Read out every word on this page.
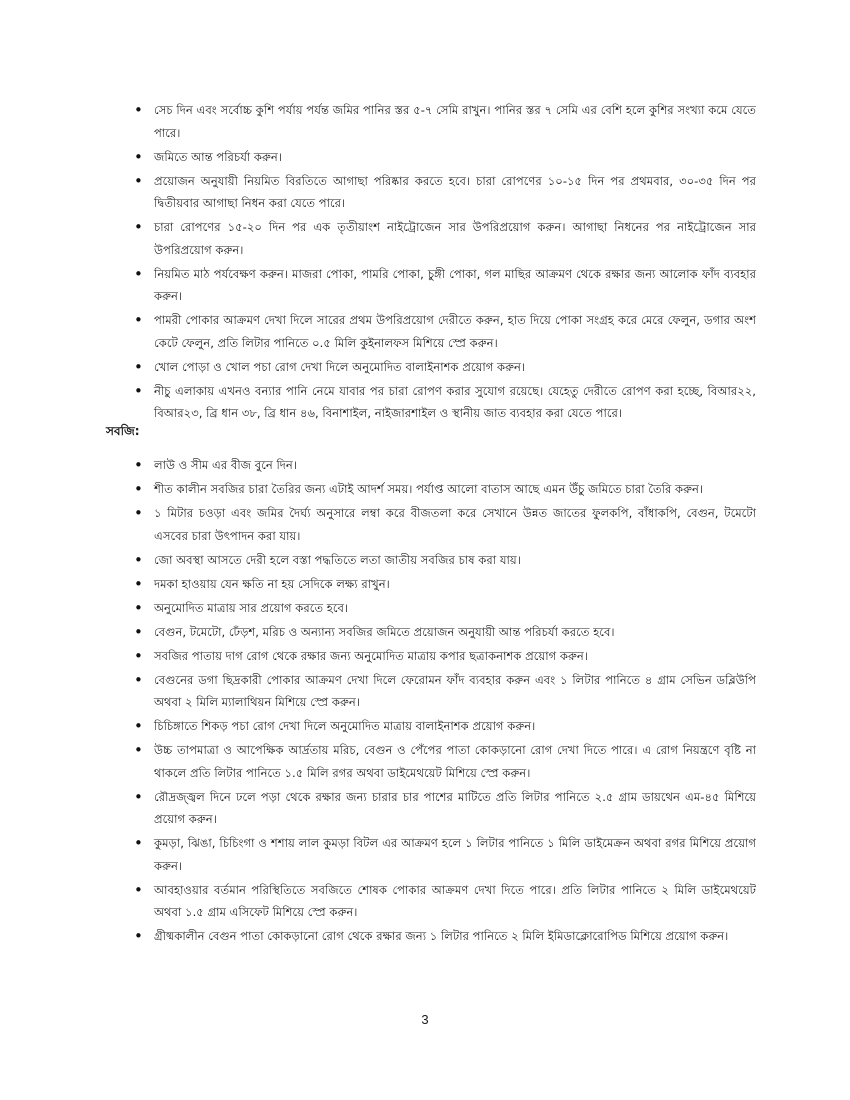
• সেচ দিন এবং সর্বোচ্চ কুশি পর্যায় পর্যন্ত জমির পানির স্তর ৫-৭ সেমি রাখুন। পানির স্তর ৭ সেমি এর বেশি হলে কুশির সংখ্যা কমে যেতে পারে।
• জমিতে আন্ত পরিচর্যা করুন।
• প্রয়োজন অনুযায়ী নিয়মিত বিরতিতে আগাছা পরিষ্কার করতে হবে। চারা রোপণের ১০-১৫ দিন পর প্রথমবার, ৩০-৩৫ দিন পর দ্বিতীয়বার আগাছা নিধন করা যেতে পারে।
• চারা রোপণের ১৫-২০ দিন পর এক তৃতীয়াংশ নাইট্রোজেন সার উপরিপ্রয়োগ করুন। আগাছা নিধনের পর নাইট্রোজেন সার উপরিপ্রয়োগ করুন।
• নিয়মিত মাঠ পর্যবেক্ষণ করুন। মাজরা পোকা, পামরি পোকা, চুঙ্গী পোকা, গল মাছির আক্রমণ থেকে রক্ষার জন্য আলোক ফাঁদ ব্যবহার করুন।
• পামরী পোকার আক্রমণ দেখা দিলে সারের প্রথম উপরিপ্রয়োগ দেরীতে করুন, হাত দিয়ে পোকা সংগ্রহ করে মেরে ফেলুন, ডগার অংশ কেটে ফেলুন, প্রতি লিটার পানিতে ০.৫ মিলি কুইনালফস মিশিয়ে স্প্রে করুন।
• খোল পোড়া ও খোল পচা রোগ দেখা দিলে অনুমোদিত বালাইনাশক প্রয়োগ করুন।
• নীচু এলাকায় এখনও বন্যার পানি নেমে যাবার পর চারা রোপণ করার সুযোগ রয়েছে। যেহেতু দেরীতে রোপণ করা হচ্ছে, বিআর২২, বিআর২৩, ব্রি ধান ৩৮, ব্রি ধান ৪৬, বিনাশাইল, নাইজারশাইল ও স্থানীয় জাত ব্যবহার করা যেতে পারে।
সবজি:
• লাউ ও সীম এর বীজ বুনে দিন।
• শীত কালীন সবজির চারা তৈরির জন্য এটাই আদর্শ সময়। পর্যাপ্ত আলো বাতাস আছে এমন উঁচু জমিতে চারা তৈরি করুন।
• ১ মিটার চওড়া এবং জমির দৈর্ঘ্য অনুসারে লম্বা করে বীজতলা করে সেখানে উন্নত জাতের ফুলকপি, বাঁধাকপি, বেগুন, টমেটো এসবের চারা উৎপাদন করা যায়।
• জো অবস্থা আসতে দেরী হলে বস্তা পদ্ধতিতে লতা জাতীয় সবজির চাষ করা যায়।
• দমকা হাওয়ায় যেন ক্ষতি না হয় সেদিকে লক্ষ্য রাখুন।
• অনুমোদিত মাত্রায় সার প্রয়োগ করতে হবে।
• বেগুন, টমেটো, ঢেঁড়শ, মরিচ ও অন্যান্য সবজির জমিতে প্রয়োজন অনুযায়ী আন্ত পরিচর্যা করতে হবে।
• সবজির পাতায় দাগ রোগ থেকে রক্ষার জন্য অনুমোদিত মাত্রায় কপার ছত্রাকনাশক প্রয়োগ করুন।
• বেগুনের ডগা ছিদ্রকারী পোকার আক্রমণ দেখা দিলে ফেরোমন ফাঁদ ব্যবহার করুন এবং ১ লিটার পানিতে ৪ গ্রাম সেভিন ডব্লিউপি অথবা ২ মিলি ম্যালাথিয়ন মিশিয়ে স্প্রে করুন।
• চিচিঙ্গাতে শিকড় পচা রোগ দেখা দিলে অনুমোদিত মাত্রায় বালাইনাশক প্রয়োগ করুন।
• উচ্চ তাপমাত্রা ও আপেক্ষিক আর্দ্রতায় মরিচ, বেগুন ও পেঁপের পাতা কোকড়ানো রোগ দেখা দিতে পারে। এ রোগ নিয়ন্ত্রণে বৃষ্টি না থাকলে প্রতি লিটার পানিতে ১.৫ মিলি রগর অথবা ডাইমেথয়েট মিশিয়ে স্প্রে করুন।
• রৌদ্রজ্জ্বল দিনে ঢলে পড়া থেকে রক্ষার জন্য চারার চার পাশের মাটিতে প্রতি লিটার পানিতে ২.৫ গ্রাম ডায়থেন এম-৪৫ মিশিয়ে প্রয়োগ করুন।
• কুমড়া, ঝিঙা, চিচিংগা ও শশায় লাল কুমড়া বিটল এর আক্রমণ হলে ১ লিটার পানিতে ১ মিলি ডাইমেক্রন অথবা রগর মিশিয়ে প্রয়োগ করুন।
• আবহাওয়ার বর্তমান পরিস্থিতিতে সবজিতে শোষক পোকার আক্রমণ দেখা দিতে পারে। প্রতি লিটার পানিতে ২ মিলি ডাইমেথয়েট অথবা ১.৫ গ্রাম এসিফেট মিশিয়ে স্প্রে করুন।
• গ্রীষ্মকালীন বেগুন পাতা কোকড়ানো রোগ থেকে রক্ষার জন্য ১ লিটার পানিতে ২ মিলি ইমিডাক্লোরোপিড মিশিয়ে প্রয়োগ করুন।
3
